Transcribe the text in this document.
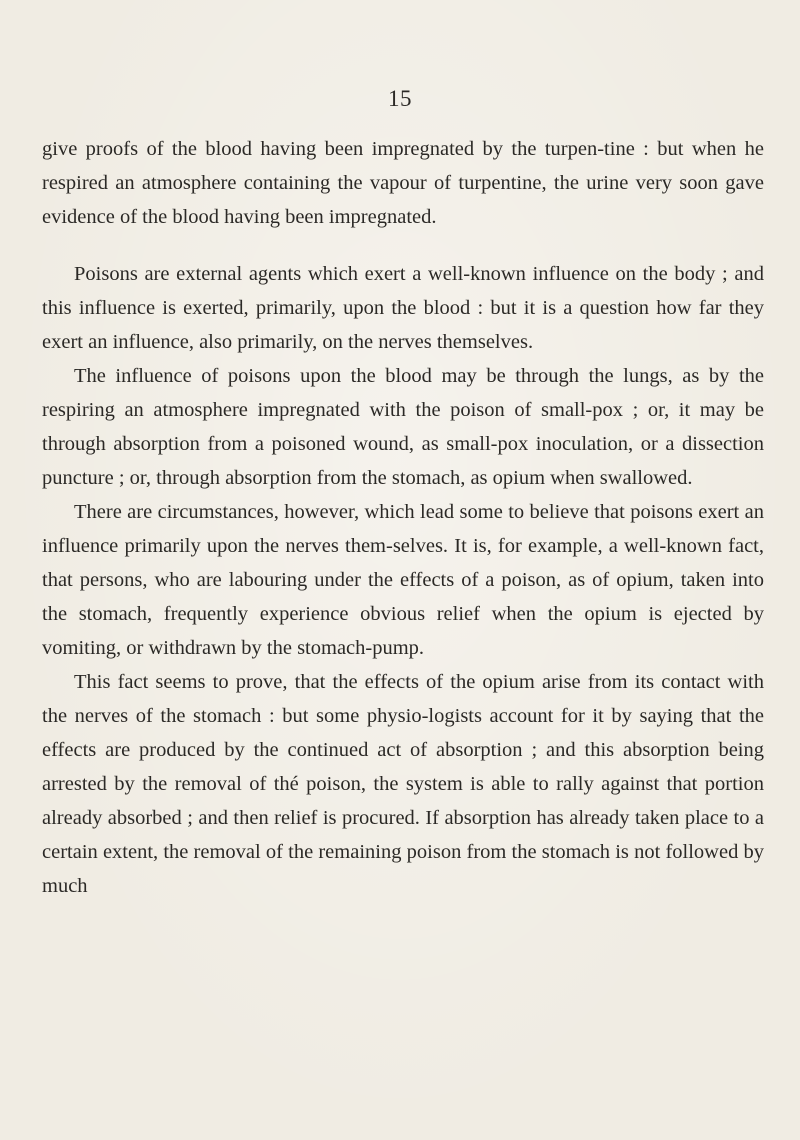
15

give proofs of the blood having been impregnated by the turpen-tine : but when he respired an atmosphere containing the vapour of turpentine, the urine very soon gave evidence of the blood having been impregnated.

Poisons are external agents which exert a well-known influence on the body ; and this influence is exerted, primarily, upon the blood : but it is a question how far they exert an influence, also primarily, on the nerves themselves.

The influence of poisons upon the blood may be through the lungs, as by the respiring an atmosphere impregnated with the poison of small-pox ; or, it may be through absorption from a poisoned wound, as small-pox inoculation, or a dissection puncture ; or, through absorption from the stomach, as opium when swallowed.

There are circumstances, however, which lead some to believe that poisons exert an influence primarily upon the nerves them-selves. It is, for example, a well-known fact, that persons, who are labouring under the effects of a poison, as of opium, taken into the stomach, frequently experience obvious relief when the opium is ejected by vomiting, or withdrawn by the stomach-pump.

This fact seems to prove, that the effects of the opium arise from its contact with the nerves of the stomach : but some physio-logists account for it by saying that the effects are produced by the continued act of absorption ; and this absorption being arrested by the removal of thé poison, the system is able to rally against that portion already absorbed ; and then relief is procured. If absorption has already taken place to a certain extent, the removal of the remaining poison from the stomach is not followed by much
